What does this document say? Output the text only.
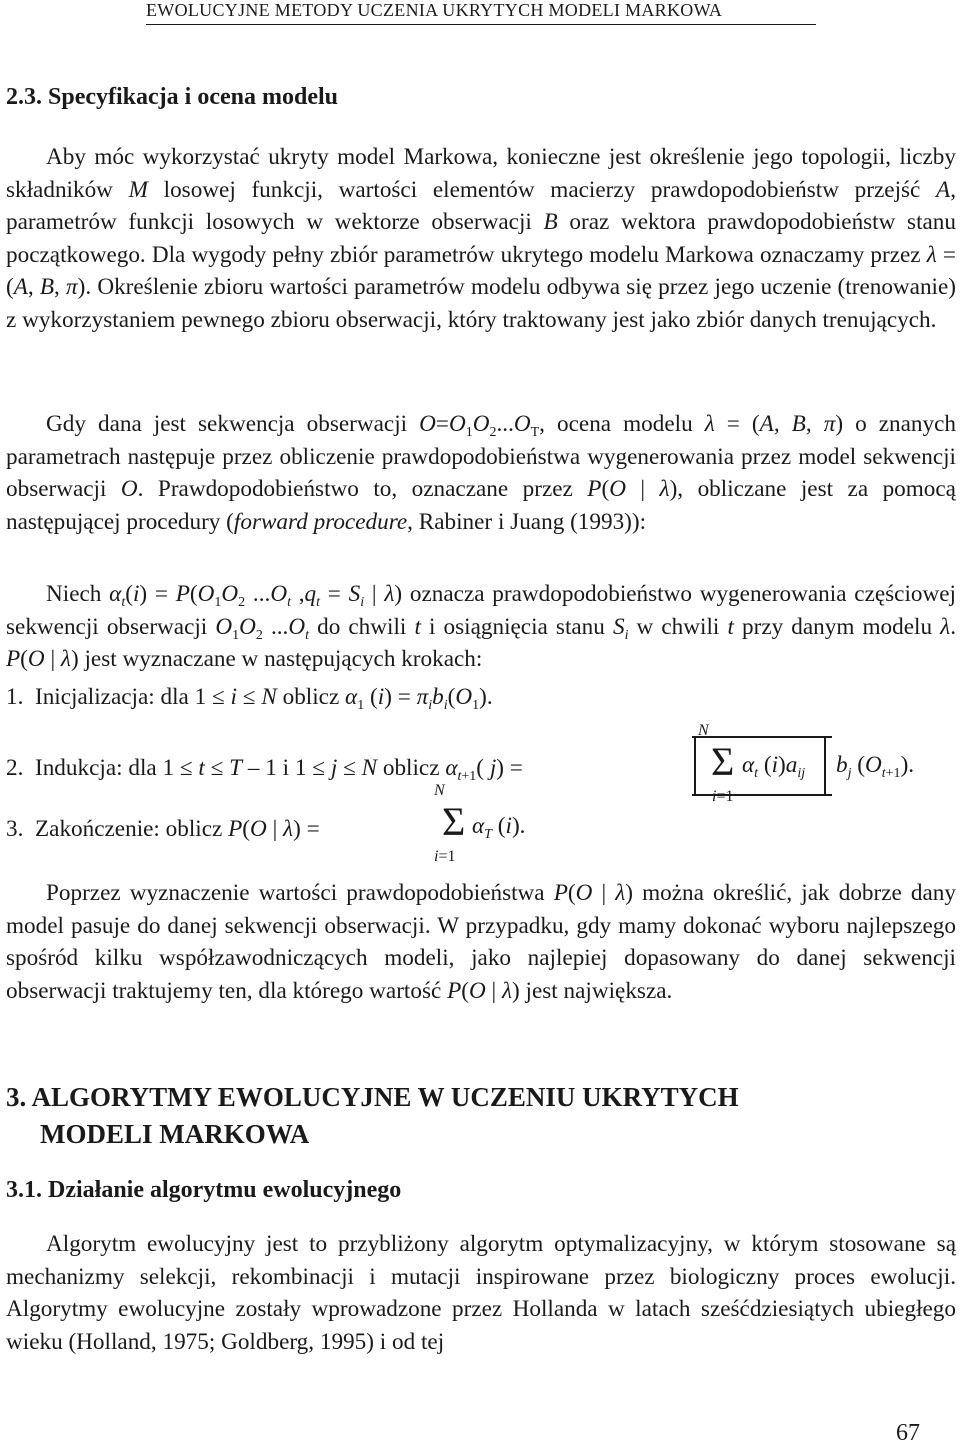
EWOLUCYJNE METODY UCZENIA UKRYTYCH MODELI MARKOWA
2.3. Specyfikacja i ocena modelu
Aby móc wykorzystać ukryty model Markowa, konieczne jest określenie jego topologii, liczby składników M losowej funkcji, wartości elementów macierzy prawdopodobieństw przejść A, parametrów funkcji losowych w wektorze obserwacji B oraz wektora prawdopodobieństw stanu początkowego. Dla wygody pełny zbiór parametrów ukrytego modelu Markowa oznaczamy przez λ = (A, B, π). Określenie zbioru wartości parametrów modelu odbywa się przez jego uczenie (trenowanie) z wykorzystaniem pewnego zbioru obserwacji, który traktowany jest jako zbiór danych trenujących.
Gdy dana jest sekwencja obserwacji $O=O_1O_2...O_T$, ocena modelu λ = (A, B, π) o znanych parametrach następuje przez obliczenie prawdopodobieństwa wygenerowania przez model sekwencji obserwacji O. Prawdopodobieństwo to, oznaczane przez P(O | λ), obliczane jest za pomocą następującej procedury (forward procedure, Rabiner i Juang (1993)):
Niech $\alpha_t(i) = P(O_1O_2$ $...O_t$ $,q_t = S_i$ | λ) oznacza prawdopodobieństwo wygenerowania częściowej sekwencji obserwacji $O_1O_2$ $...O_t$ do chwili t i osiągnięcia stanu $S_i$ w chwili t przy danym modelu λ. P(O | λ) jest wyznaczane w następujących krokach:
1.  Inicjalizacja: dla 1 ≤ i ≤ N oblicz $\alpha_1$ $(i) = \pi_ib_i(O_1)$.
2.  Indukcja: dla 1 ≤ t ≤ T – 1 i 1 ≤ j ≤ N oblicz $\alpha_{t+1}$( j) =
N
Σ
i=1
$\alpha_t$ $(i)a_{ij}$ $b_j$ $(O_{t+1})$.
3.  Zakończenie: oblicz P(O | λ) =
N
Σ
i=1
$\alpha_T$ (i).
Poprzez wyznaczenie wartości prawdopodobieństwa P(O | λ) można określić, jak dobrze dany model pasuje do danej sekwencji obserwacji. W przypadku, gdy mamy dokonać wyboru najlepszego spośród kilku współzawodniczących modeli, jako najlepiej dopasowany do danej sekwencji obserwacji traktujemy ten, dla którego wartość P(O | λ) jest największa.
3. ALGORYTMY EWOLUCYJNE W UCZENIU UKRYTYCH
MODELI MARKOWA
3.1. Działanie algorytmu ewolucyjnego
Algorytm ewolucyjny jest to przybliżony algorytm optymalizacyjny, w którym stosowane są mechanizmy selekcji, rekombinacji i mutacji inspirowane przez biologiczny proces ewolucji. Algorytmy ewolucyjne zostały wprowadzone przez Hollanda w latach sześćdziesiątych ubiegłego wieku (Holland, 1975; Goldberg, 1995) i od tej
67
